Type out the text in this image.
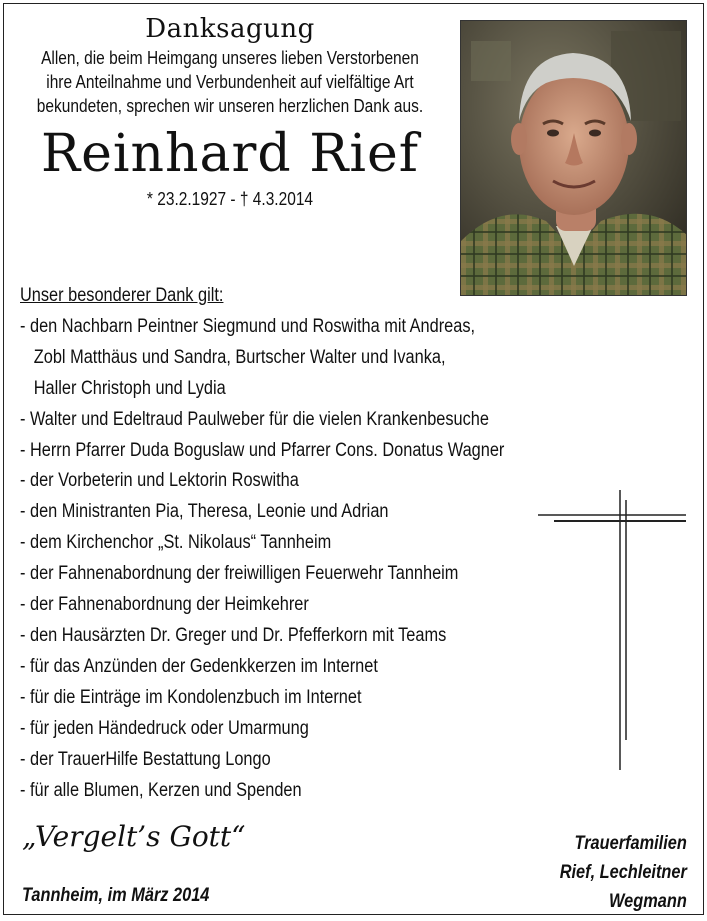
Danksagung
Allen, die beim Heimgang unseres lieben Verstorbenen
ihre Anteilnahme und Verbundenheit auf vielfältige Art
bekundeten, sprechen wir unseren herzlichen Dank aus.
Reinhard Rief
* 23.2.1927 - † 4.3.2014
Unser besonderer Dank gilt:
- den Nachbarn Peintner Siegmund und Roswitha mit Andreas,
Zobl Matthäus und Sandra, Burtscher Walter und Ivanka,
Haller Christoph und Lydia
- Walter und Edeltraud Paulweber für die vielen Krankenbesuche
- Herrn Pfarrer Duda Boguslaw und Pfarrer Cons. Donatus Wagner
- der Vorbeterin und Lektorin Roswitha
- den Ministranten Pia, Theresa, Leonie und Adrian
- dem Kirchenchor „St. Nikolaus“ Tannheim
- der Fahnenabordnung der freiwilligen Feuerwehr Tannheim
- der Fahnenabordnung der Heimkehrer
- den Hausärzten Dr. Greger und Dr. Pfefferkorn mit Teams
- für das Anzünden der Gedenkkerzen im Internet
- für die Einträge im Kondolenzbuch im Internet
- für jeden Händedruck oder Umarmung
- der TrauerHilfe Bestattung Longo
- für alle Blumen, Kerzen und Spenden
„Vergelt’s Gott“
Tannheim, im März 2014
Trauerfamilien
Rief, Lechleitner
Wegmann
